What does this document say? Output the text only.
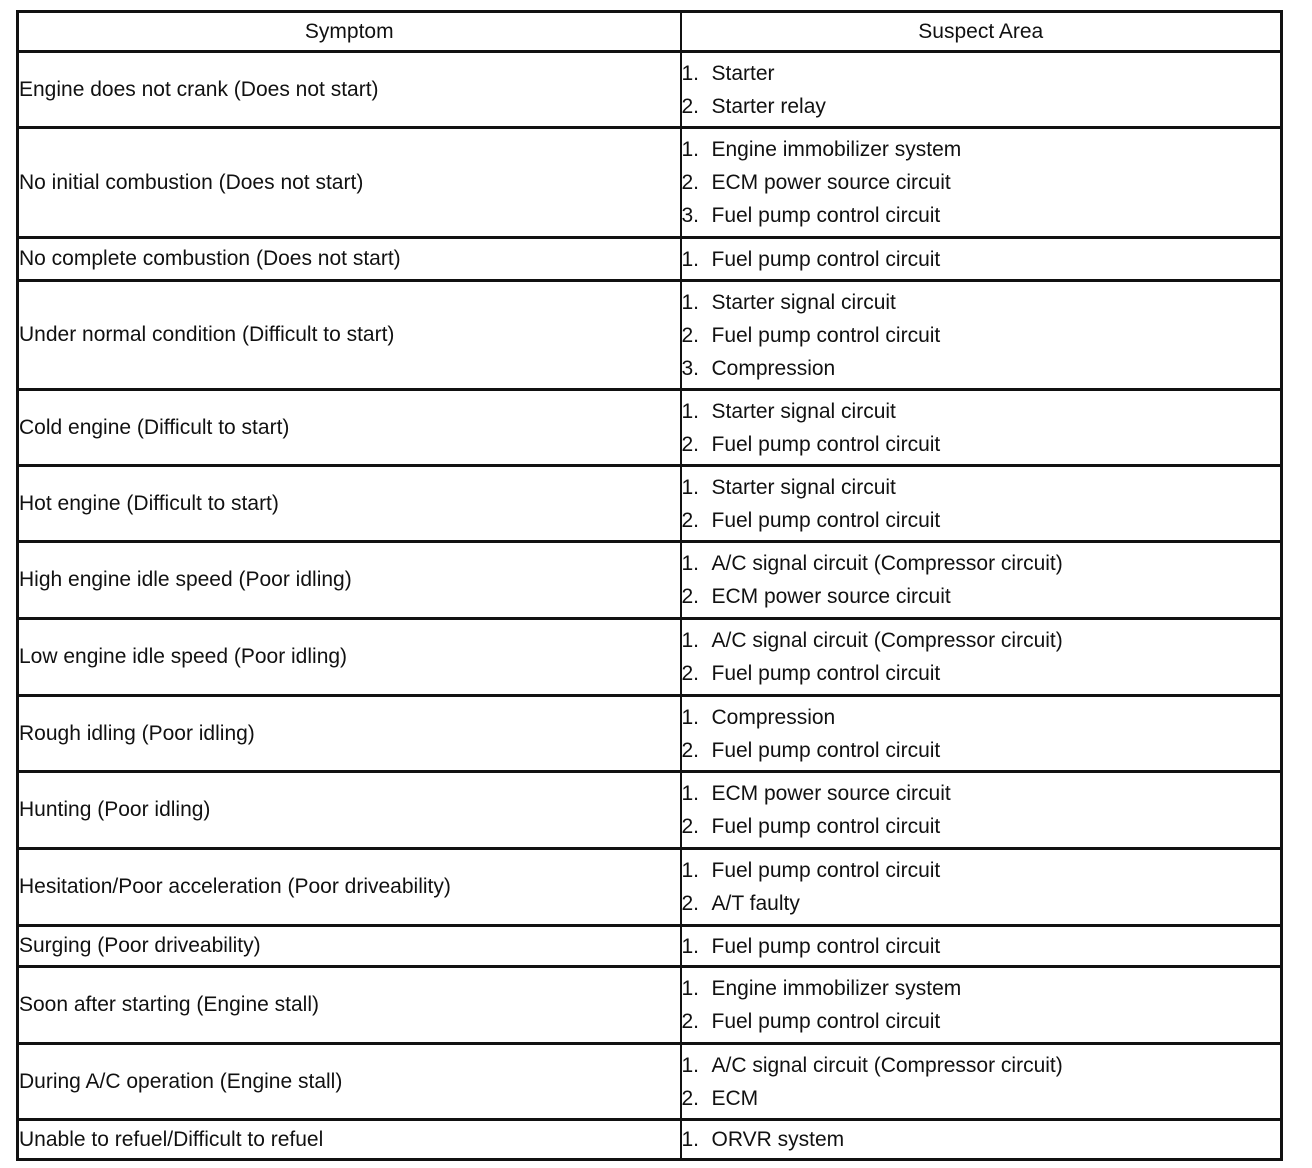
Symptom	Suspect Area
Engine does not crank (Does not start)	1. Starter
2. Starter relay

No initial combustion (Does not start)	1. Engine immobilizer system
2. ECM power source circuit
3. Fuel pump control circuit

No complete combustion (Does not start)	1. Fuel pump control circuit

Under normal condition (Difficult to start)	1. Starter signal circuit
2. Fuel pump control circuit
3. Compression

Cold engine (Difficult to start)	1. Starter signal circuit
2. Fuel pump control circuit

Hot engine (Difficult to start)	1. Starter signal circuit
2. Fuel pump control circuit

High engine idle speed (Poor idling)	1. A/C signal circuit (Compressor circuit)
2. ECM power source circuit

Low engine idle speed (Poor idling)	1. A/C signal circuit (Compressor circuit)
2. Fuel pump control circuit

Rough idling (Poor idling)	1. Compression
2. Fuel pump control circuit

Hunting (Poor idling)	1. ECM power source circuit
2. Fuel pump control circuit

Hesitation/Poor acceleration (Poor driveability)	1. Fuel pump control circuit
2. A/T faulty

Surging (Poor driveability)	1. Fuel pump control circuit

Soon after starting (Engine stall)	1. Engine immobilizer system
2. Fuel pump control circuit

During A/C operation (Engine stall)	1. A/C signal circuit (Compressor circuit)
2. ECM

Unable to refuel/Difficult to refuel	1. ORVR system
